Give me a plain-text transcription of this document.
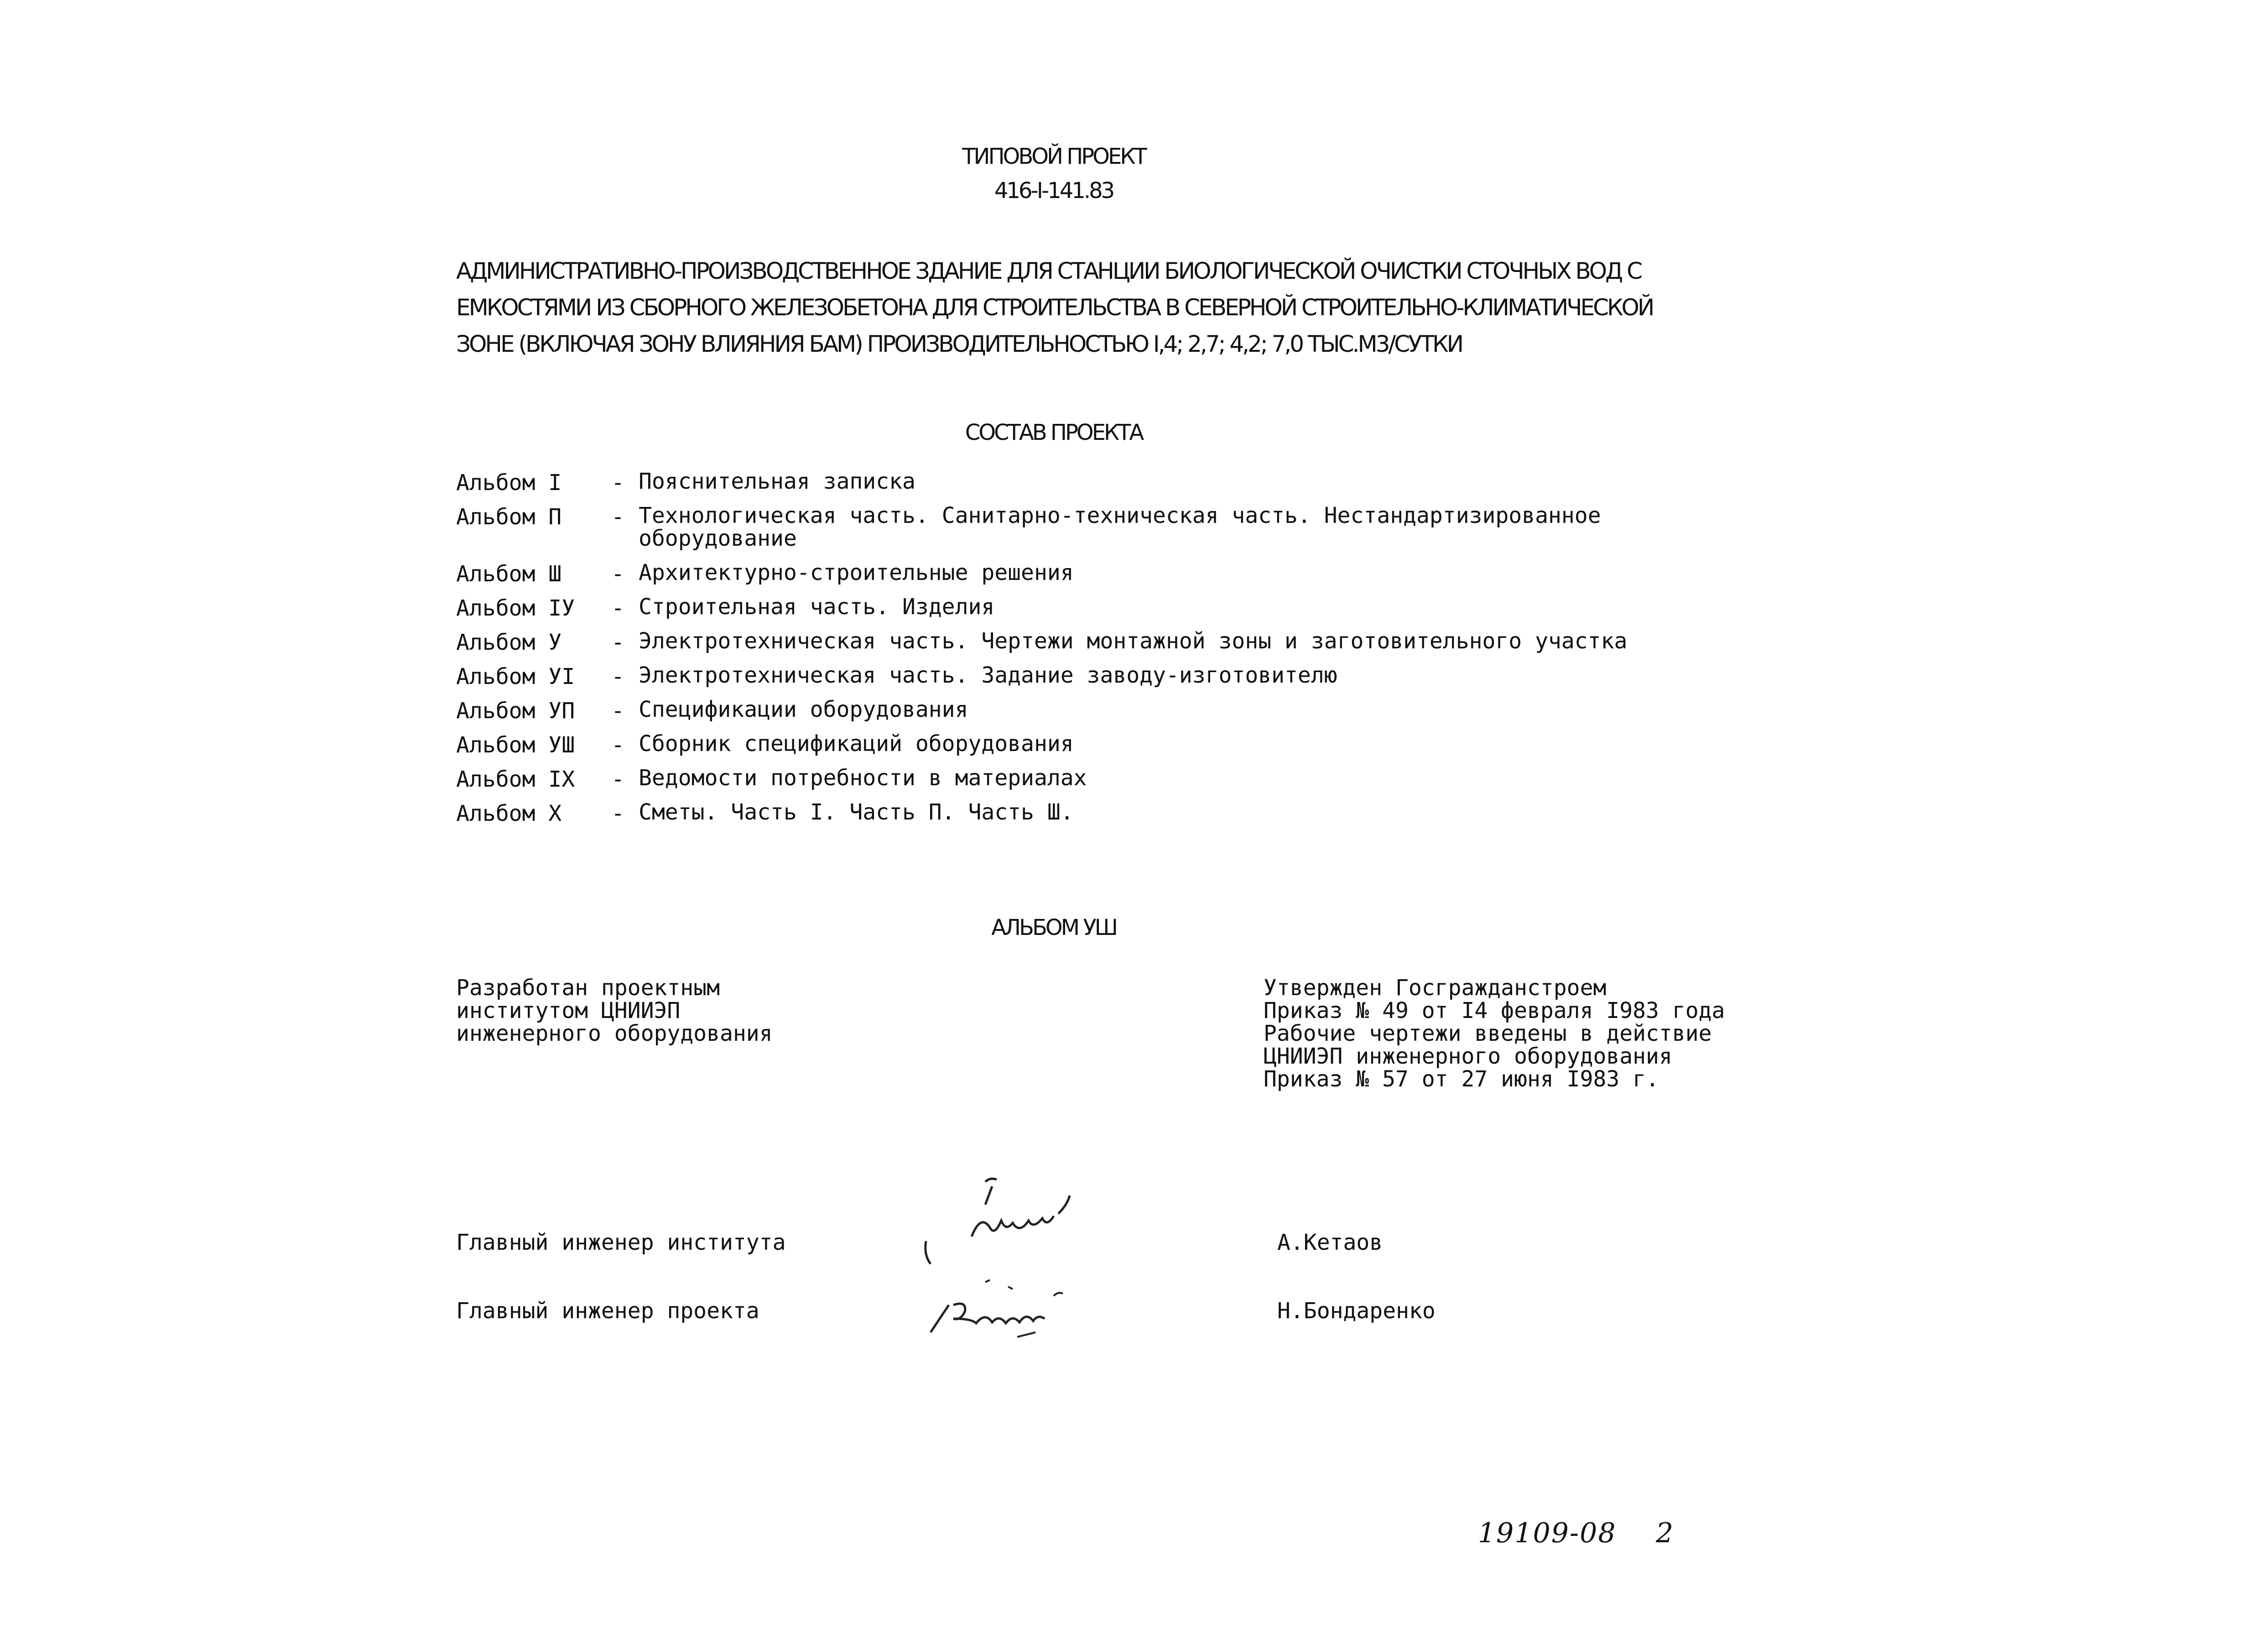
ТИПОВОЙ ПРОЕКТ
416-I-141.83
АДМИНИСТРАТИВНО-ПРОИЗВОДСТВЕННОЕ ЗДАНИЕ ДЛЯ СТАНЦИИ БИОЛОГИЧЕСКОЙ ОЧИСТКИ СТОЧНЫХ ВОД С
ЕМКОСТЯМИ ИЗ СБОРНОГО ЖЕЛЕЗОБЕТОНА ДЛЯ СТРОИТЕЛЬСТВА В СЕВЕРНОЙ СТРОИТЕЛЬНО-КЛИМАТИЧЕСКОЙ
ЗОНЕ (ВКЛЮЧАЯ ЗОНУ ВЛИЯНИЯ БАМ) ПРОИЗВОДИТЕЛЬНОСТЬЮ I,4; 2,7; 4,2; 7,0 ТЫС.М3/СУТКИ
СОСТАВ ПРОЕКТА
Альбом I - Пояснительная записка
Альбом П - Технологическая часть. Санитарно-техническая часть. Нестандартизированное
оборудование
Альбом Ш - Архитектурно-строительные решения
Альбом IУ - Строительная часть. Изделия
Альбом У - Электротехническая часть. Чертежи монтажной зоны и заготовительного участка
Альбом УI - Электротехническая часть. Задание заводу-изготовителю
Альбом УП - Спецификации оборудования
Альбом УШ - Сборник спецификаций оборудования
Альбом IX - Ведомости потребности в материалах
Альбом X - Сметы. Часть I. Часть П. Часть Ш.
АЛЬБОМ УШ
Разработан проектным
институтом ЦНИИЭП
инженерного оборудования
Утвержден Госгражданстроем
Приказ № 49 от I4 февраля I983 года
Рабочие чертежи введены в действие
ЦНИИЭП инженерного оборудования
Приказ № 57 от 27 июня I983 г.
Главный инженер института	А.Кетаов
Главный инженер проекта	Н.Бондаренко
19109-08 2
